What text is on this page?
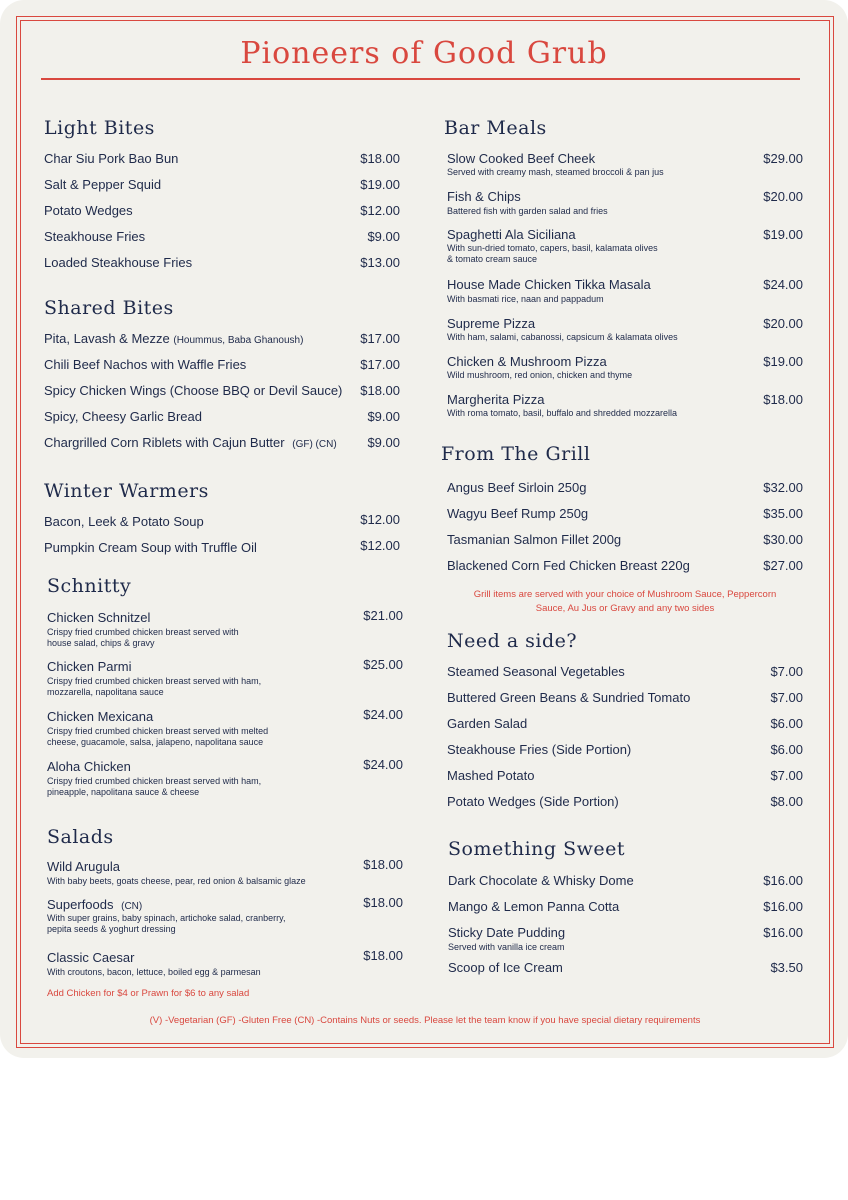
Pioneers of Good Grub
Light Bites
Char Siu Pork Bao Bun	$18.00
Salt & Pepper Squid	$19.00
Potato Wedges	$12.00
Steakhouse Fries	$9.00
Loaded Steakhouse Fries	$13.00
Shared Bites
Pita, Lavash & Mezze (Hoummus, Baba Ghanoush)	$17.00
Chili Beef Nachos with Waffle Fries	$17.00
Spicy Chicken Wings (Choose BBQ or Devil Sauce)	$18.00
Spicy, Cheesy Garlic Bread	$9.00
Chargrilled Corn Riblets with Cajun Butter (GF) (CN)	$9.00
Winter Warmers
Bacon, Leek & Potato Soup	$12.00
Pumpkin Cream Soup with Truffle Oil	$12.00
Schnitty
Chicken Schnitzel	$21.00
Crispy fried crumbed chicken breast served with
house salad, chips & gravy
Chicken Parmi	$25.00
Crispy fried crumbed chicken breast served with ham,
mozzarella, napolitana sauce
Chicken Mexicana	$24.00
Crispy fried crumbed chicken breast served with melted
cheese, guacamole, salsa, jalapeno, napolitana sauce
Aloha Chicken	$24.00
Crispy fried crumbed chicken breast served with ham,
pineapple, napolitana sauce & cheese
Salads
Wild Arugula	$18.00
With baby beets, goats cheese, pear, red onion & balsamic glaze
Superfoods (CN)	$18.00
With super grains, baby spinach, artichoke salad, cranberry,
pepita seeds & yoghurt dressing
Classic Caesar	$18.00
With croutons, bacon, lettuce, boiled egg & parmesan
Add Chicken for $4 or Prawn for $6 to any salad
Bar Meals
Slow Cooked Beef Cheek	$29.00
Served with creamy mash, steamed broccoli & pan jus
Fish & Chips	$20.00
Battered fish with garden salad and fries
Spaghetti Ala Siciliana	$19.00
With sun-dried tomato, capers, basil, kalamata olives
& tomato cream sauce
House Made Chicken Tikka Masala	$24.00
With basmati rice, naan and pappadum
Supreme Pizza	$20.00
With ham, salami, cabanossi, capsicum & kalamata olives
Chicken & Mushroom Pizza	$19.00
Wild mushroom, red onion, chicken and thyme
Margherita Pizza	$18.00
With roma tomato, basil, buffalo and shredded mozzarella
From The Grill
Angus Beef Sirloin 250g	$32.00
Wagyu Beef Rump 250g	$35.00
Tasmanian Salmon Fillet 200g	$30.00
Blackened Corn Fed Chicken Breast 220g	$27.00
Grill items are served with your choice of Mushroom Sauce, Peppercorn
Sauce, Au Jus or Gravy and any two sides
Need a side?
Steamed Seasonal Vegetables	$7.00
Buttered Green Beans & Sundried Tomato	$7.00
Garden Salad	$6.00
Steakhouse Fries (Side Portion)	$6.00
Mashed Potato	$7.00
Potato Wedges (Side Portion)	$8.00
Something Sweet
Dark Chocolate & Whisky Dome	$16.00
Mango & Lemon Panna Cotta	$16.00
Sticky Date Pudding	$16.00
Served with vanilla ice cream
Scoop of Ice Cream	$3.50
(V) -Vegetarian (GF) -Gluten Free (CN) -Contains Nuts or seeds. Please let the team know if you have special dietary requirements
